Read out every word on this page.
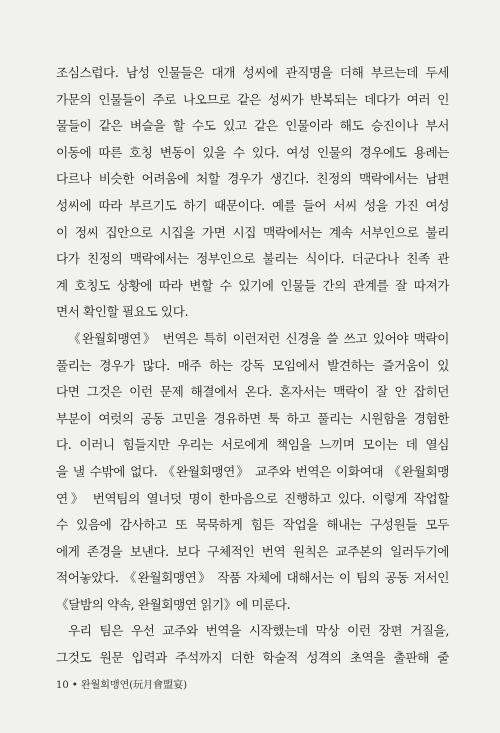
조심스럽다. 남성 인물들은 대개 성씨에 관직명을 더해 부르는데 두세
가문의 인물들이 주로 나오므로 같은 성씨가 반복되는 데다가 여러 인
물들이 같은 벼슬을 할 수도 있고 같은 인물이라 해도 승진이나 부서
이동에 따른 호칭 변동이 있을 수 있다. 여성 인물의 경우에도 용례는
다르나 비슷한 어려움에 처할 경우가 생긴다. 친정의 맥락에서는 남편
성씨에 따라 부르기도 하기 때문이다. 예를 들어 서씨 성을 가진 여성
이 정씨 집안으로 시집을 가면 시집 맥락에서는 계속 서부인으로 불리
다가 친정의 맥락에서는 정부인으로 불리는 식이다. 더군다나 친족 관
계 호칭도 상황에 따라 변할 수 있기에 인물들 간의 관계를 잘 따져가
면서 확인할 필요도 있다.
《완월회맹연》 번역은 특히 이런저런 신경을 쓸 쓰고 있어야 맥락이
풀리는 경우가 많다. 매주 하는 강독 모임에서 발견하는 즐거움이 있
다면 그것은 이런 문제 해결에서 온다. 혼자서는 맥락이 잘 안 잡히던
부분이 여럿의 공동 고민을 경유하면 툭 하고 풀리는 시원함을 경험한
다. 이러니 힘들지만 우리는 서로에게 책임을 느끼며 모이는 데 열심
을 낼 수밖에 없다. 《완월회맹연》 교주와 번역은 이화여대 《완월회맹
연》 번역팀의 열너덧 명이 한마음으로 진행하고 있다. 이렇게 작업할
수 있음에 감사하고 또 묵묵하게 힘든 작업을 해내는 구성원들 모두
에게 존경을 보낸다. 보다 구체적인 번역 원칙은 교주본의 일러두기에
적어놓았다. 《완월회맹연》 작품 자체에 대해서는 이 팀의 공동 저서인
《달밤의 약속, 완월회맹연 읽기》에 미룬다.
우리 팀은 우선 교주와 번역을 시작했는데 막상 이런 장편 거질을,
그것도 원문 입력과 주석까지 더한 학술적 성격의 초역을 출판해 줄
10 • 완월회맹연(玩月會盟宴)
